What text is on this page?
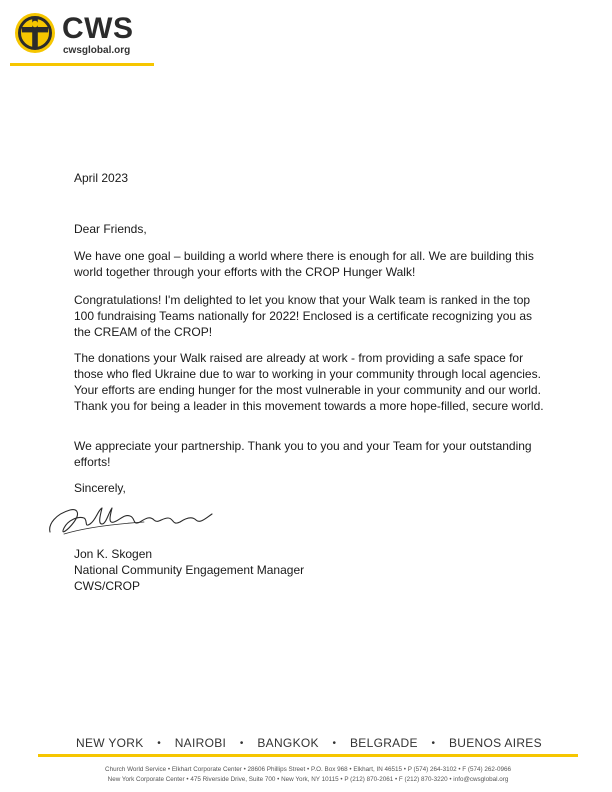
CWS
cwsglobal.org

April 2023

Dear Friends,

We have one goal – building a world where there is enough for all. We are building this world together through your efforts with the CROP Hunger Walk!

Congratulations! I'm delighted to let you know that your Walk team is ranked in the top 100 fundraising Teams nationally for 2022! Enclosed is a certificate recognizing you as the CREAM of the CROP!

The donations your Walk raised are already at work - from providing a safe space for those who fled Ukraine due to war to working in your community through local agencies. Your efforts are ending hunger for the most vulnerable in your community and our world. Thank you for being a leader in this movement towards a more hope-filled, secure world.

We appreciate your partnership. Thank you to you and your Team for your outstanding efforts!

Sincerely,

Jon K. Skogen
National Community Engagement Manager
CWS/CROP
NEW YORK • NAIROBI • BANGKOK • BELGRADE • BUENOS AIRES
Church World Service • Elkhart Corporate Center • 28606 Phillips Street • P.O. Box 968 • Elkhart, IN 46515 • P (574) 264-3102 • F (574) 262-0966
New York Corporate Center • 475 Riverside Drive, Suite 700 • New York, NY 10115 • P (212) 870-2061 • F (212) 870-3220 • info@cwsglobal.org
